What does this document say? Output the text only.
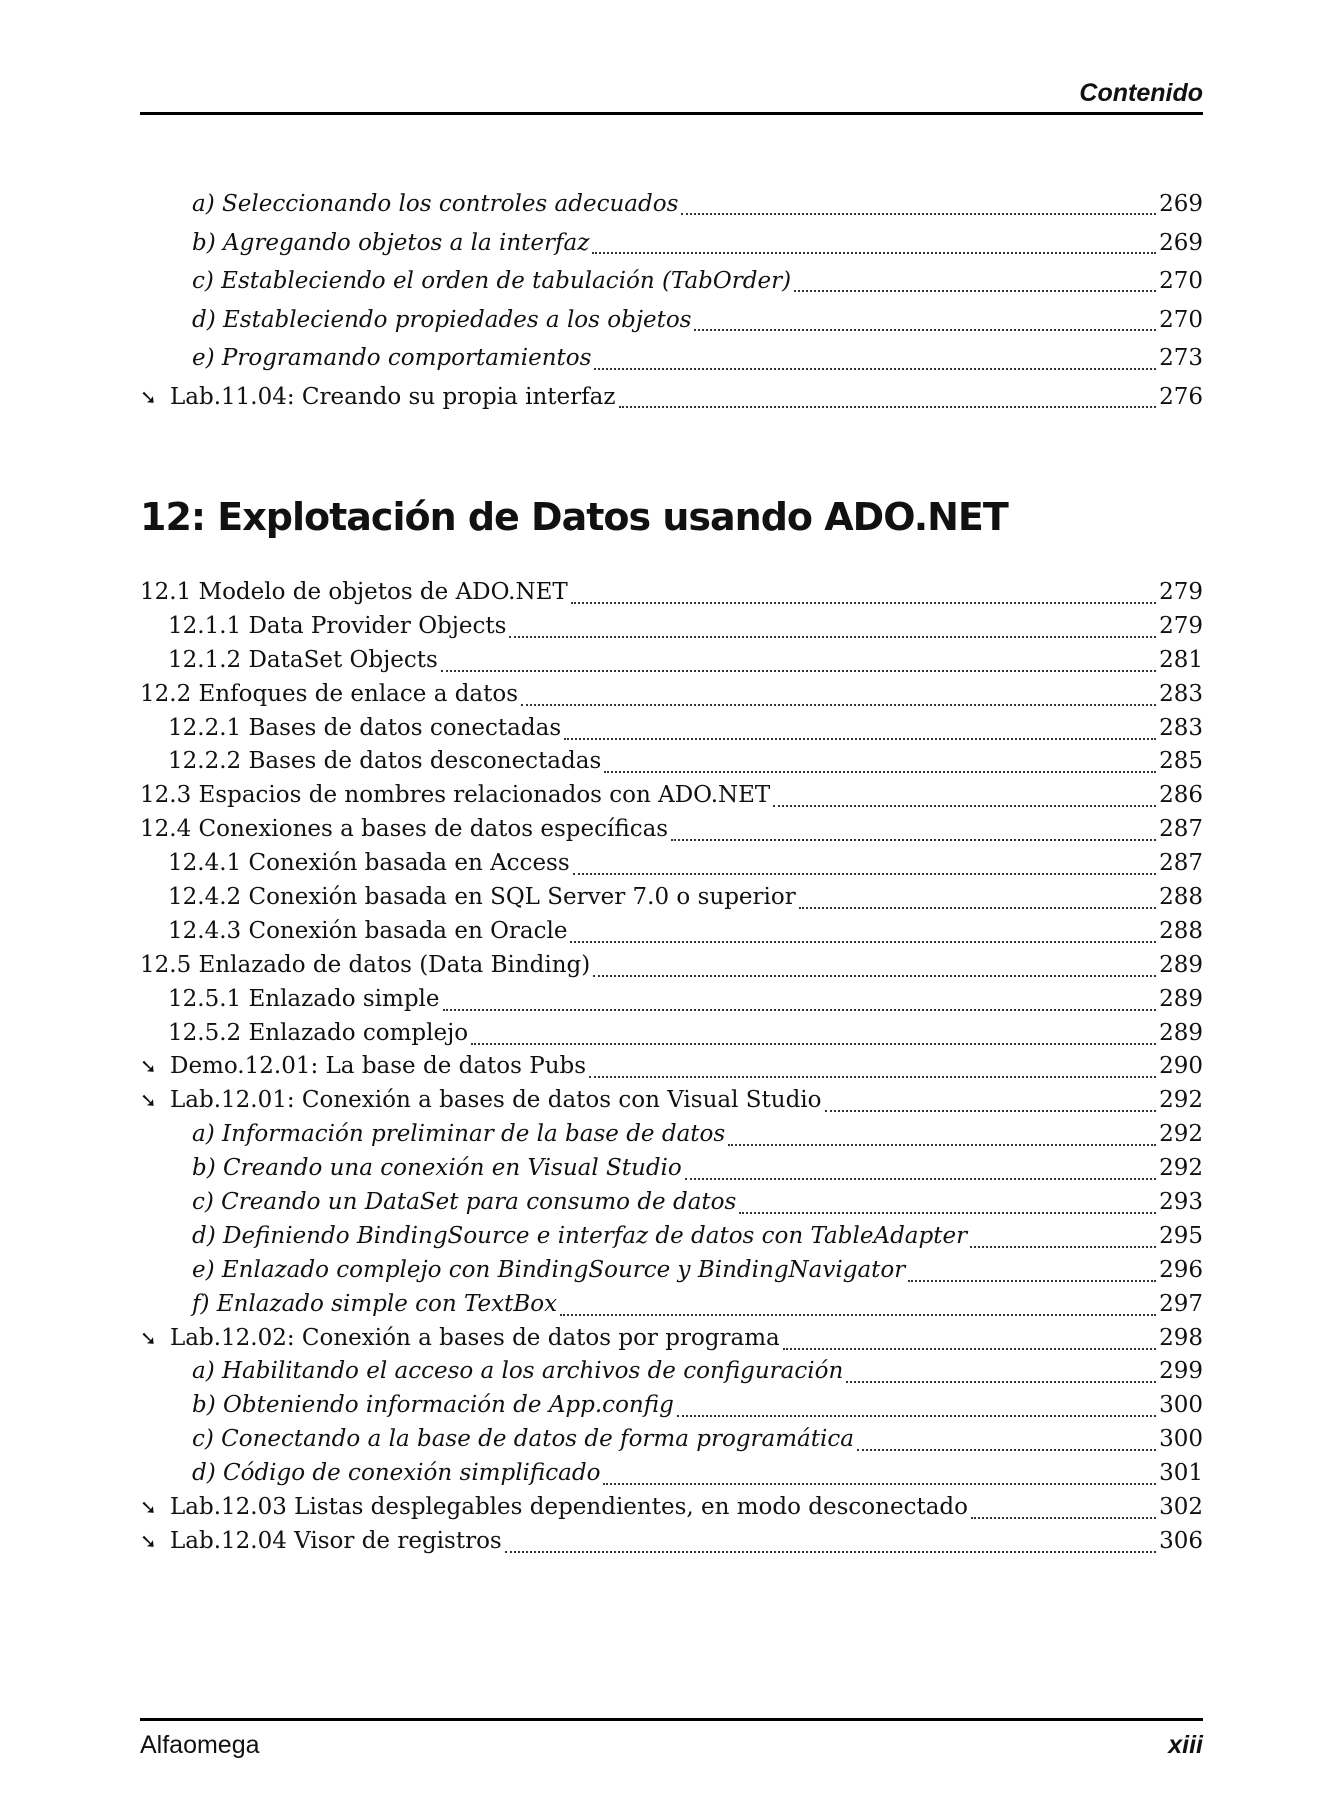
Contenido
a) Seleccionando los controles adecuados	269
b) Agregando objetos a la interfaz	269
c) Estableciendo el orden de tabulación (TabOrder)	270
d) Estableciendo propiedades a los objetos	270
e) Programando comportamientos	273
➘ Lab.11.04: Creando su propia interfaz	276
12: Explotación de Datos usando ADO.NET
12.1 Modelo de objetos de ADO.NET	279
12.1.1 Data Provider Objects	279
12.1.2 DataSet Objects	281
12.2 Enfoques de enlace a datos	283
12.2.1 Bases de datos conectadas	283
12.2.2 Bases de datos desconectadas	285
12.3 Espacios de nombres relacionados con ADO.NET	286
12.4 Conexiones a bases de datos específicas	287
12.4.1 Conexión basada en Access	287
12.4.2 Conexión basada en SQL Server 7.0 o superior	288
12.4.3 Conexión basada en Oracle	288
12.5 Enlazado de datos (Data Binding)	289
12.5.1 Enlazado simple	289
12.5.2 Enlazado complejo	289
➘ Demo.12.01: La base de datos Pubs	290
➘ Lab.12.01: Conexión a bases de datos con Visual Studio	292
a) Información preliminar de la base de datos	292
b) Creando una conexión en Visual Studio	292
c) Creando un DataSet para consumo de datos	293
d) Definiendo BindingSource e interfaz de datos con TableAdapter	295
e) Enlazado complejo con BindingSource y BindingNavigator	296
f) Enlazado simple con TextBox	297
➘ Lab.12.02: Conexión a bases de datos por programa	298
a) Habilitando el acceso a los archivos de configuración	299
b) Obteniendo información de App.config	300
c) Conectando a la base de datos de forma programática	300
d) Código de conexión simplificado	301
➘ Lab.12.03 Listas desplegables dependientes, en modo desconectado	302
➘ Lab.12.04 Visor de registros	306
Alfaomega	xiii
